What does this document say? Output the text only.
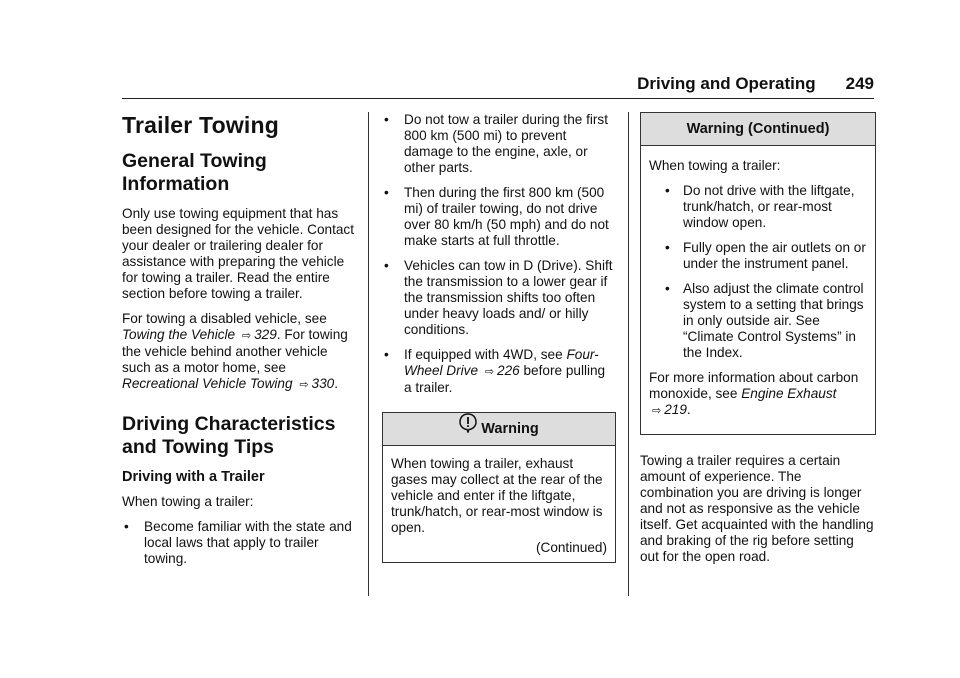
Driving and Operating 249
Trailer Towing
General Towing Information

Only use towing equipment that has been designed for the vehicle. Contact your dealer or trailering dealer for assistance with preparing the vehicle for towing a trailer. Read the entire section before towing a trailer.

For towing a disabled vehicle, see Towing the Vehicle ⇨ 329. For towing the vehicle behind another vehicle such as a motor home, see Recreational Vehicle Towing ⇨ 330.

Driving Characteristics and Towing Tips
Driving with a Trailer

When towing a trailer:

• Become familiar with the state and local laws that apply to trailer towing.
• Do not tow a trailer during the first 800 km (500 mi) to prevent damage to the engine, axle, or other parts.
• Then during the first 800 km (500 mi) of trailer towing, do not drive over 80 km/h (50 mph) and do not make starts at full throttle.
• Vehicles can tow in D (Drive). Shift the transmission to a lower gear if the transmission shifts too often under heavy loads and/ or hilly conditions.
• If equipped with 4WD, see Four-Wheel Drive ⇨ 226 before pulling a trailer.
Warning

When towing a trailer, exhaust gases may collect at the rear of the vehicle and enter if the liftgate, trunk/hatch, or rear-most window is open.

(Continued)
Warning (Continued)

When towing a trailer:

• Do not drive with the liftgate, trunk/hatch, or rear-most window open.
• Fully open the air outlets on or under the instrument panel.
• Also adjust the climate control system to a setting that brings in only outside air. See “Climate Control Systems” in the Index.

For more information about carbon monoxide, see Engine Exhaust ⇨ 219.

Towing a trailer requires a certain amount of experience. The combination you are driving is longer and not as responsive as the vehicle itself. Get acquainted with the handling and braking of the rig before setting out for the open road.
